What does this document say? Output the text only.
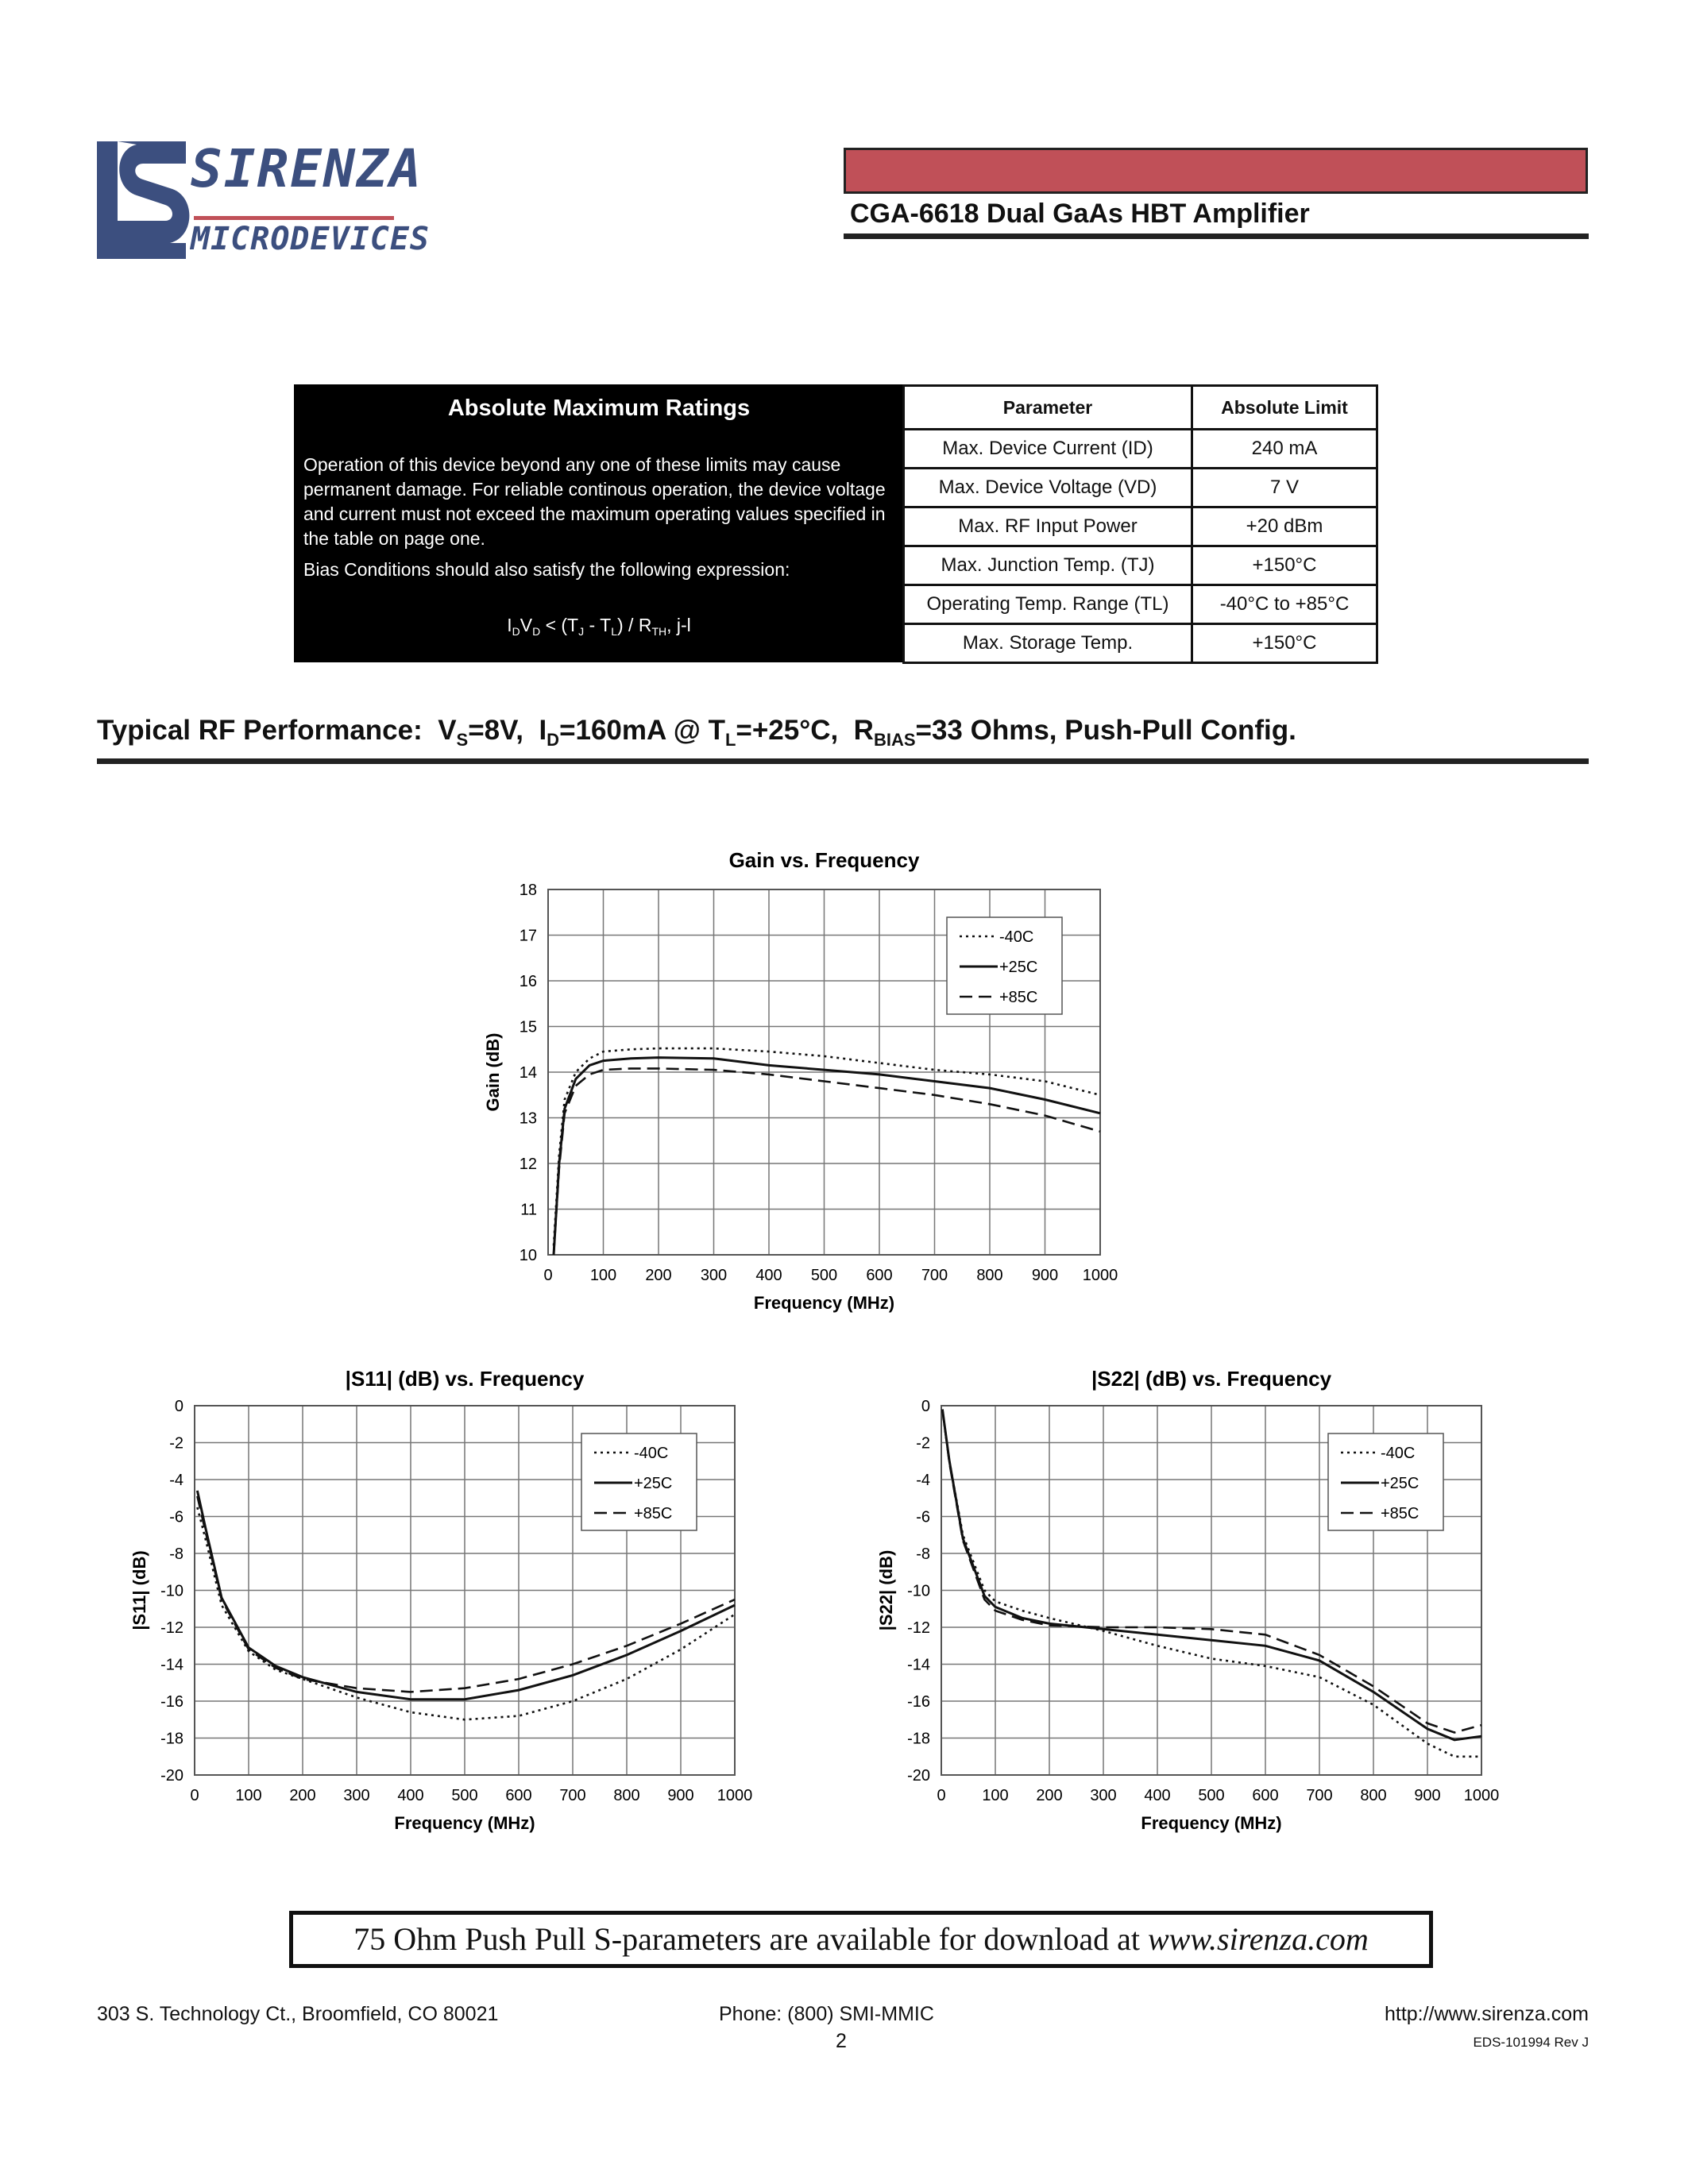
SIRENZA
MICRODEVICES
CGA-6618 Dual GaAs HBT Amplifier
Absolute Maximum Ratings
Operation of this device beyond any one of these limits may cause permanent damage. For reliable continous operation, the device voltage and current must not exceed the maximum operating values specified in the table on page one.
Bias Conditions should also satisfy the following expression:
$I_DV_D < (T_J - T_L) / R_{TH}$, j-l
Parameter	Absolute Limit
Max. Device Current (ID)	240 mA
Max. Device Voltage (VD)	7 V
Max. RF Input Power	+20 dBm
Max. Junction Temp. (TJ)	+150°C
Operating Temp. Range (TL)	-40°C to +85°C
Max. Storage Temp.	+150°C
Typical RF Performance:  $V_S=8V$,  $I_D=160mA$ @ $T_L=+25^\circ C$,  $R_{BIAS}=33$ Ohms, Push-Pull Config.
Gain vs. Frequency
0 100 200 300 400 500 600 700 800 900 1000
10
11
12
13
14
15
16
17
18
Frequency (MHz)
Gain (dB)
-40C
+25C
+85C
|S11| (dB) vs. Frequency
0 100 200 300 400 500 600 700 800 900 1000
0
-2
-4
-6
-8
-10
-12
-14
-16
-18
-20
Frequency (MHz)
|S11| (dB)
-40C
+25C
+85C
|S22| (dB) vs. Frequency
0 100 200 300 400 500 600 700 800 900 1000
0
-2
-4
-6
-8
-10
-12
-14
-16
-18
-20
Frequency (MHz)
|S22| (dB)
-40C
+25C
+85C
75 Ohm Push Pull S-parameters are available for download at www.sirenza.com
303 S. Technology Ct., Broomfield, CO 80021	Phone: (800) SMI-MMIC	http://www.sirenza.com
2	EDS-101994 Rev J
